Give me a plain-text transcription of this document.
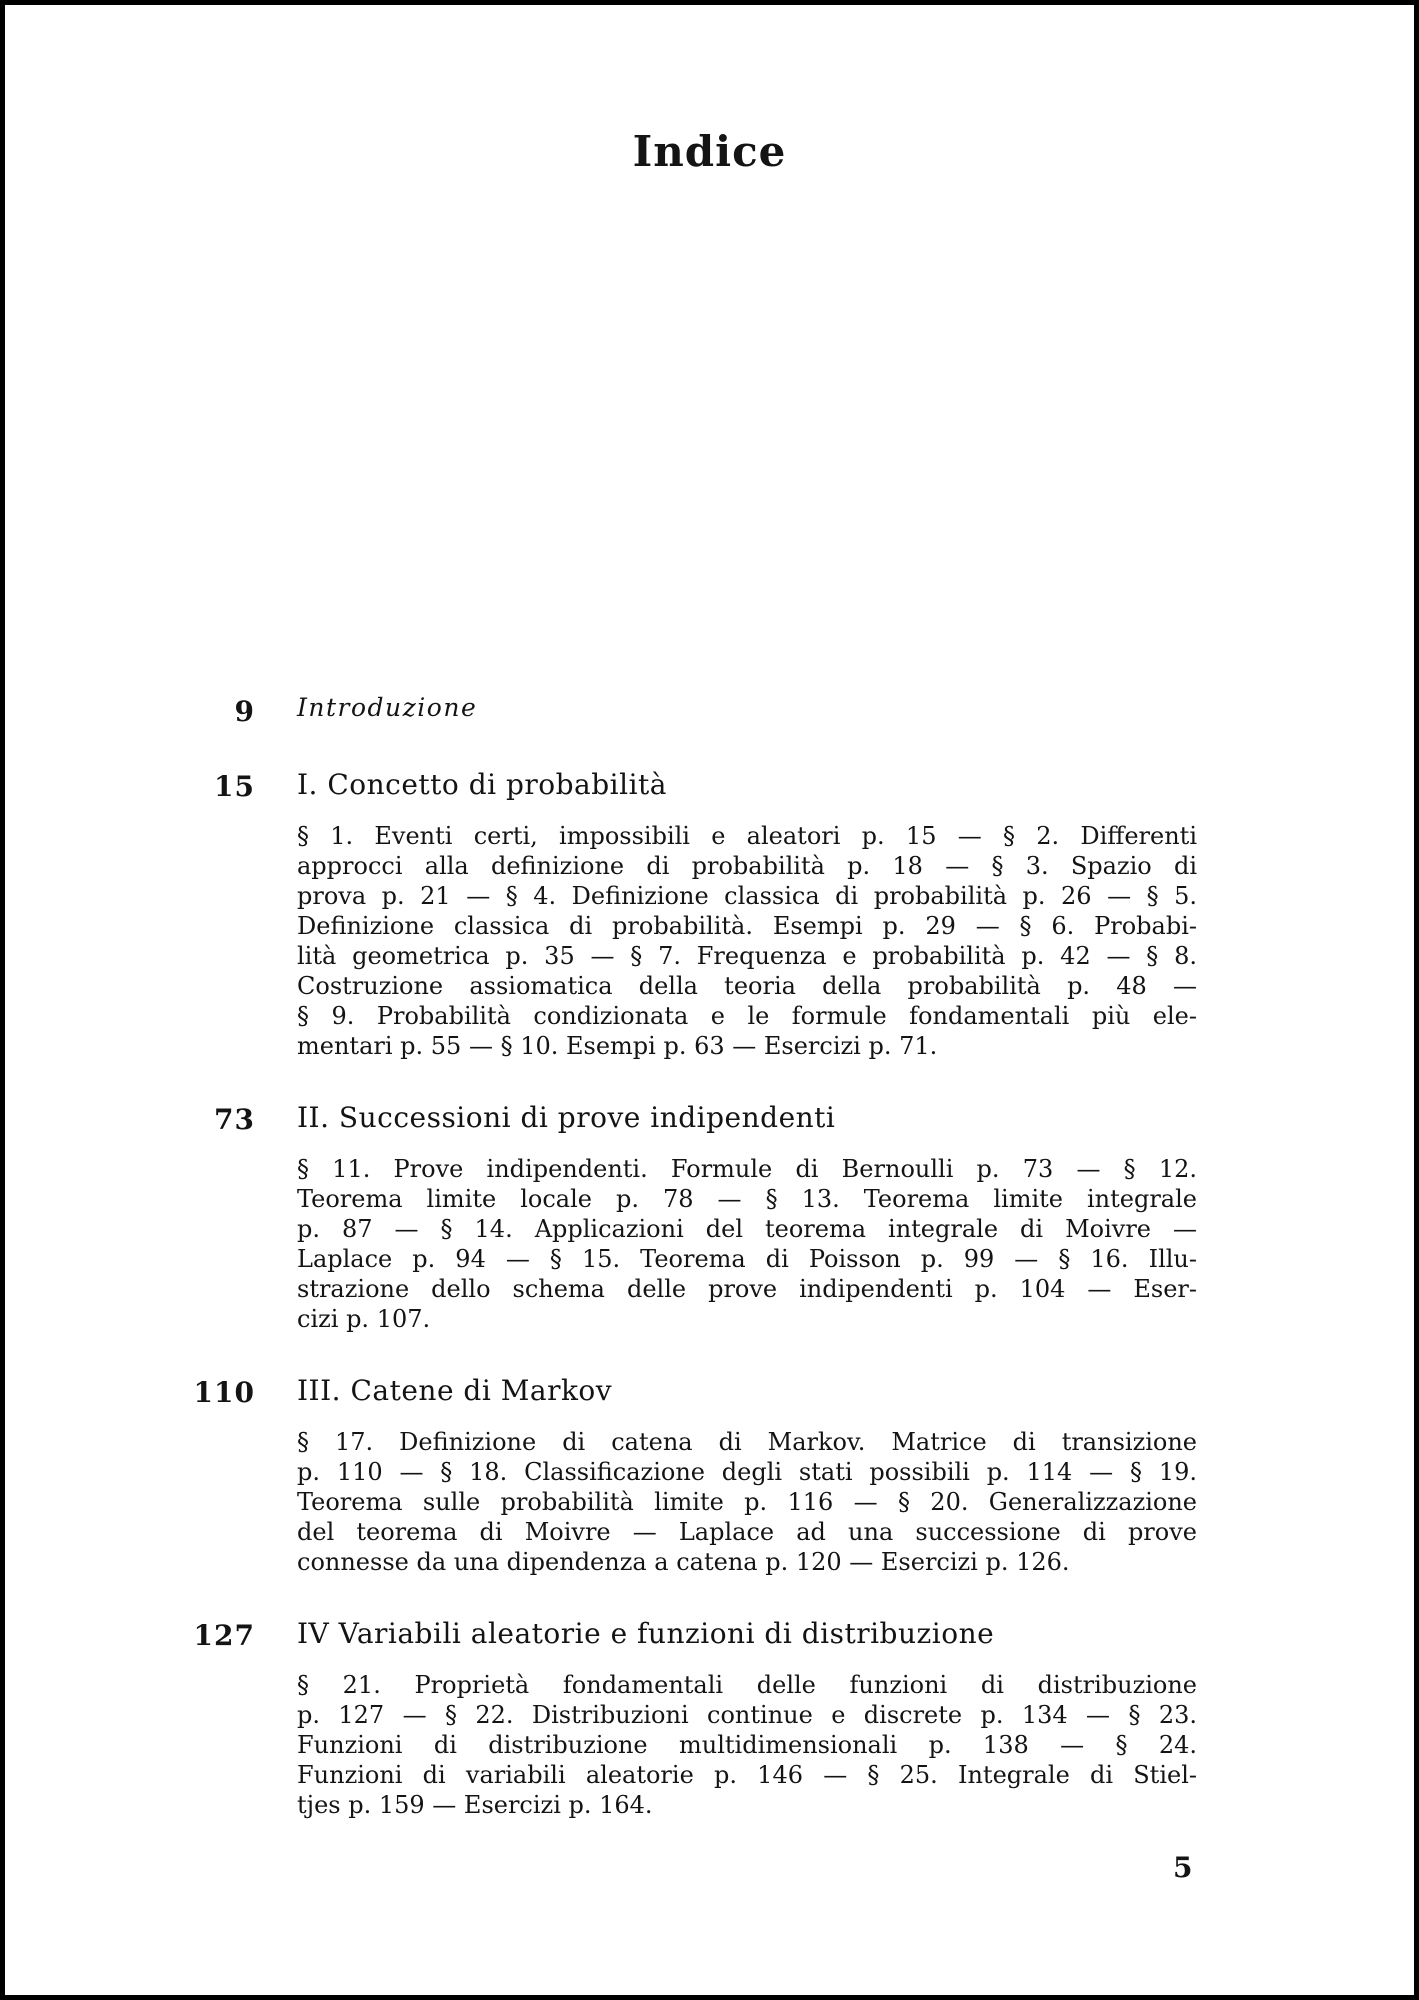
Indice
9 Introduzione
15 I. Concetto di probabilità
§ 1. Eventi certi, impossibili e aleatori p. 15 — § 2. Differenti
approcci alla definizione di probabilità p. 18 — § 3. Spazio di
prova p. 21 — § 4. Definizione classica di probabilità p. 26 — § 5.
Definizione classica di probabilità. Esempi p. 29 — § 6. Probabi-
lità geometrica p. 35 — § 7. Frequenza e probabilità p. 42 — § 8.
Costruzione assiomatica della teoria della probabilità p. 48 —
§ 9. Probabilità condizionata e le formule fondamentali più ele-
mentari p. 55 — § 10. Esempi p. 63 — Esercizi p. 71.
73 II. Successioni di prove indipendenti
§ 11. Prove indipendenti. Formule di Bernoulli p. 73 — § 12.
Teorema limite locale p. 78 — § 13. Teorema limite integrale
p. 87 — § 14. Applicazioni del teorema integrale di Moivre —
Laplace p. 94 — § 15. Teorema di Poisson p. 99 — § 16. Illu-
strazione dello schema delle prove indipendenti p. 104 — Eser-
cizi p. 107.
110 III. Catene di Markov
§ 17. Definizione di catena di Markov. Matrice di transizione
p. 110 — § 18. Classificazione degli stati possibili p. 114 — § 19.
Teorema sulle probabilità limite p. 116 — § 20. Generalizzazione
del teorema di Moivre — Laplace ad una successione di prove
connesse da una dipendenza a catena p. 120 — Esercizi p. 126.
127 IV Variabili aleatorie e funzioni di distribuzione
§ 21. Proprietà fondamentali delle funzioni di distribuzione
p. 127 — § 22. Distribuzioni continue e discrete p. 134 — § 23.
Funzioni di distribuzione multidimensionali p. 138 — § 24.
Funzioni di variabili aleatorie p. 146 — § 25. Integrale di Stiel-
tjes p. 159 — Esercizi p. 164.
5
